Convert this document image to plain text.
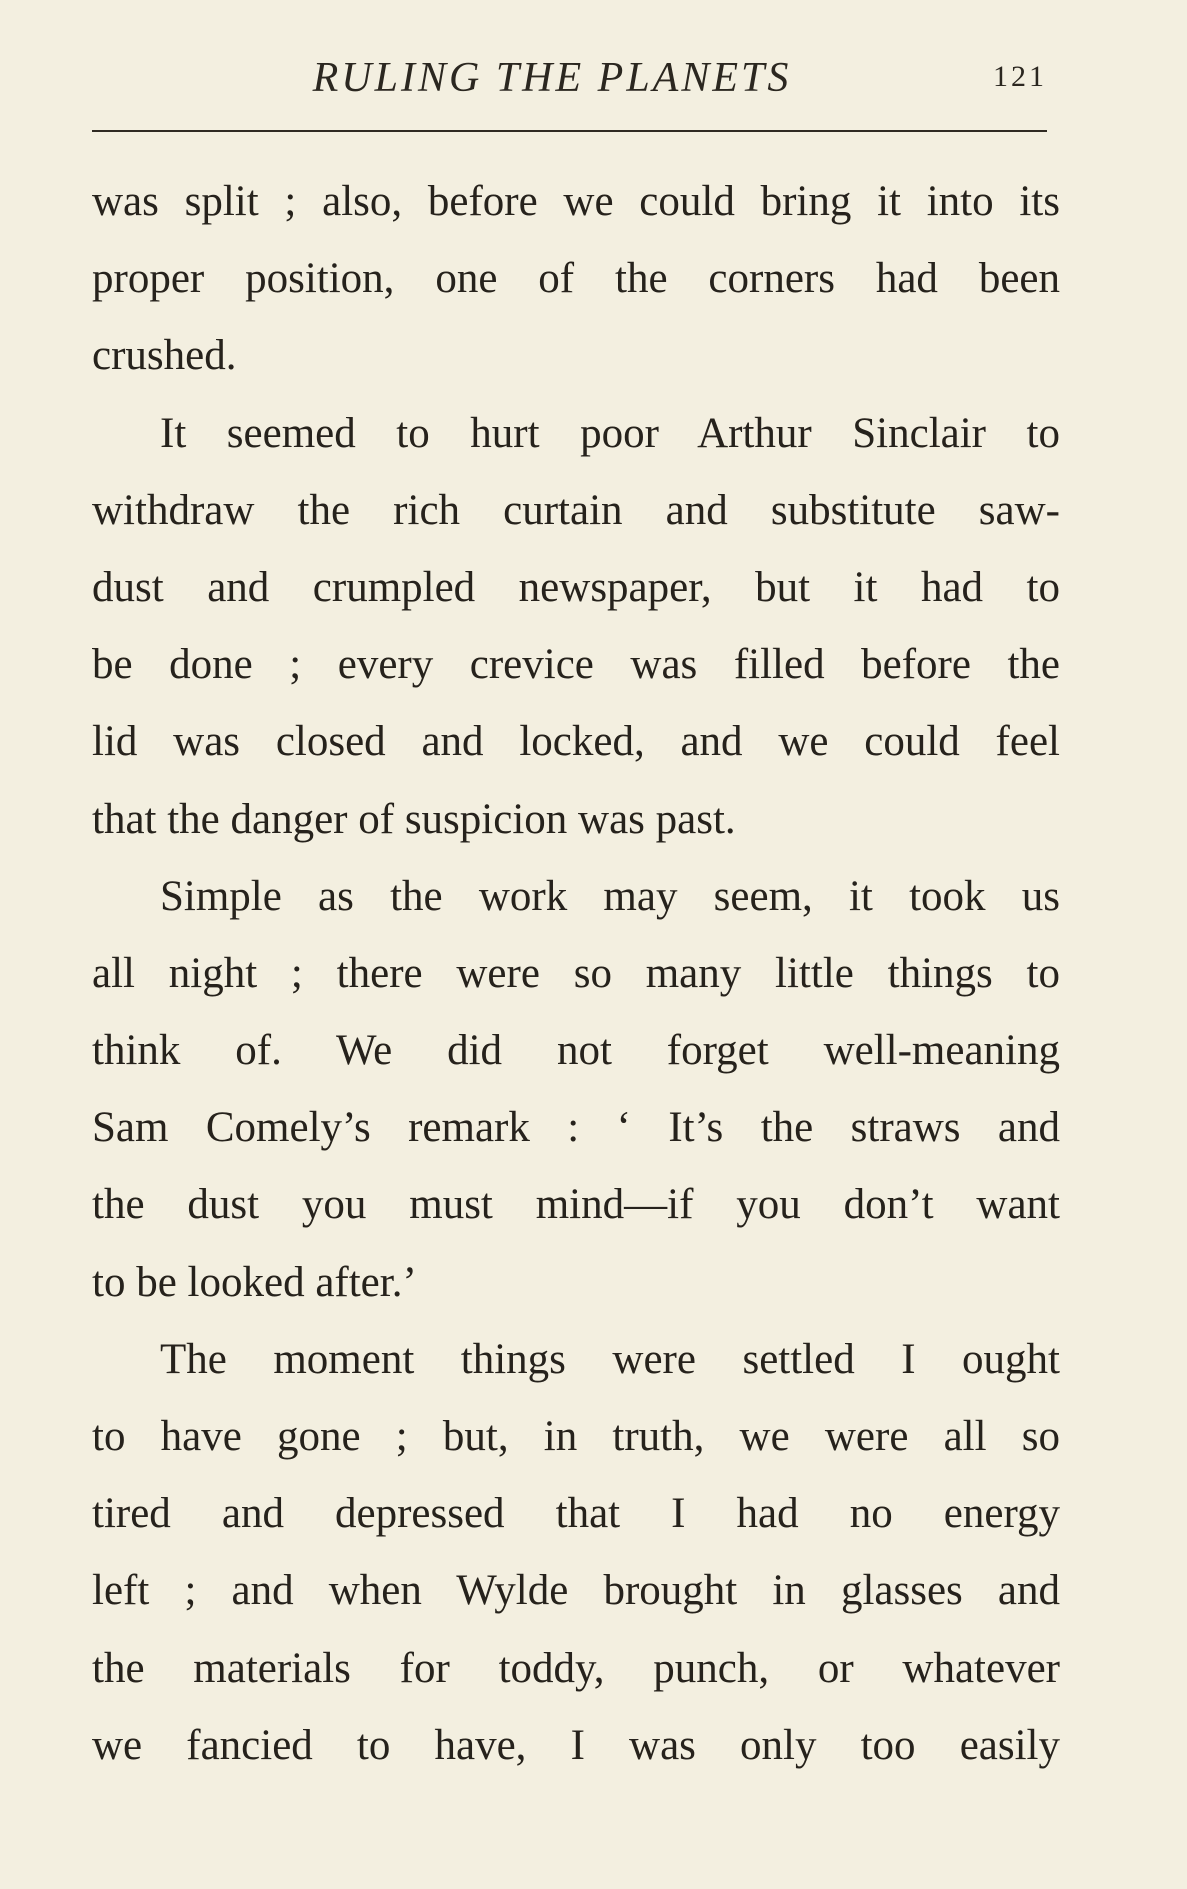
RULING THE PLANETS	121
was split ; also, before we could bring it into its
proper position, one of the corners had been
crushed.
It seemed to hurt poor Arthur Sinclair to
withdraw the rich curtain and substitute saw-
dust and crumpled newspaper, but it had to
be done ; every crevice was filled before the
lid was closed and locked, and we could feel
that the danger of suspicion was past.
Simple as the work may seem, it took us
all night ; there were so many little things to
think of. We did not forget well-meaning
Sam Comely’s remark : ‘ It’s the straws and
the dust you must mind—if you don’t want
to be looked after.’
The moment things were settled I ought
to have gone ; but, in truth, we were all so
tired and depressed that I had no energy
left ; and when Wylde brought in glasses and
the materials for toddy, punch, or whatever
we fancied to have, I was only too easily
